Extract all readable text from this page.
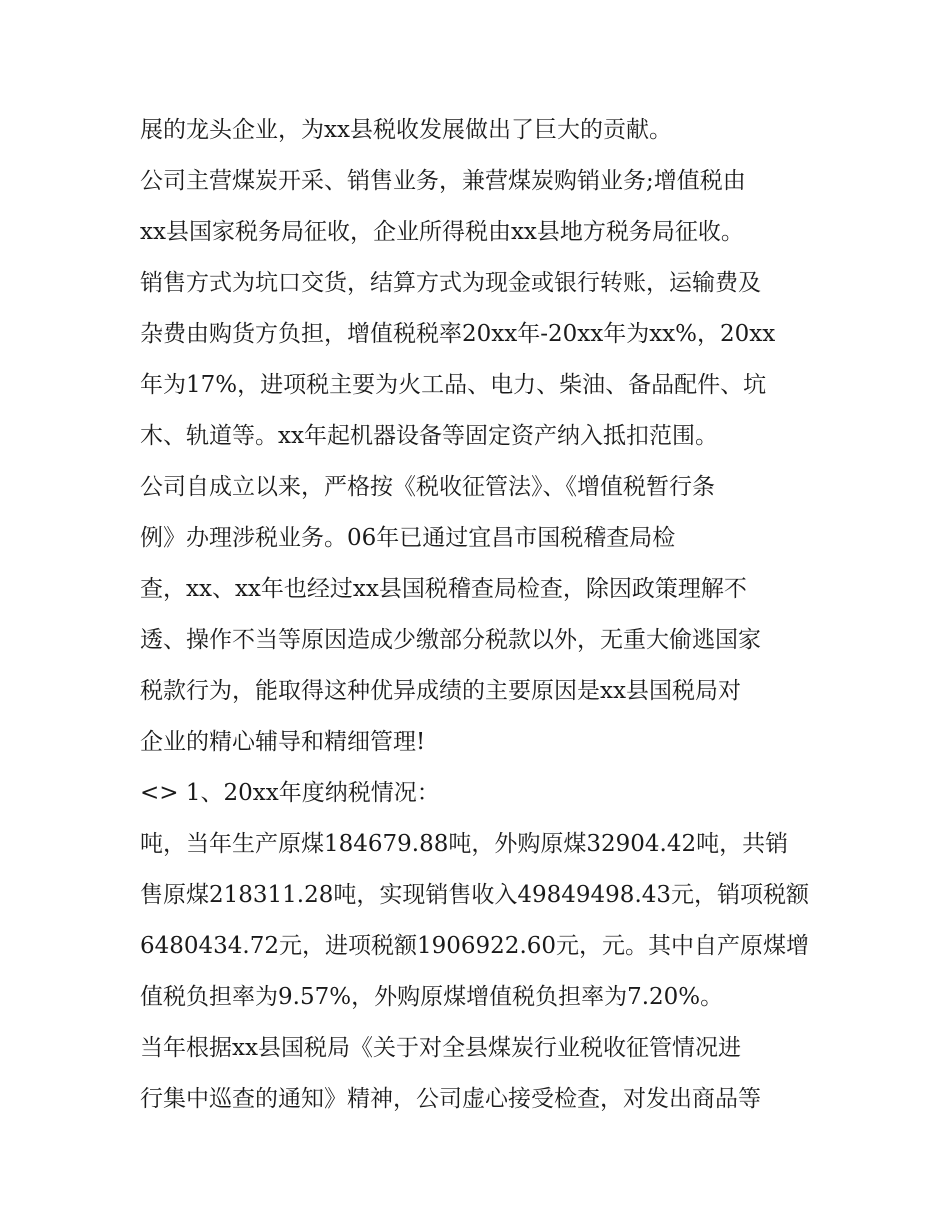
展的龙头企业，为xx县税收发展做出了巨大的贡献。
公司主营煤炭开采、销售业务，兼营煤炭购销业务;增值税由
xx县国家税务局征收，企业所得税由xx县地方税务局征收。
销售方式为坑口交货，结算方式为现金或银行转账，运输费及
杂费由购货方负担，增值税税率20xx年-20xx年为xx%，20xx
年为17%，进项税主要为火工品、电力、柴油、备品配件、坑
木、轨道等。xx年起机器设备等固定资产纳入抵扣范围。
公司自成立以来，严格按《税收征管法》、《增值税暂行条
例》办理涉税业务。06年已通过宜昌市国税稽查局检
查，xx、xx年也经过xx县国税稽查局检查，除因政策理解不
透、操作不当等原因造成少缴部分税款以外，无重大偷逃国家
税款行为，能取得这种优异成绩的主要原因是xx县国税局对
企业的精心辅导和精细管理!
<> 1、20xx年度纳税情况：
吨，当年生产原煤184679.88吨，外购原煤32904.42吨，共销
售原煤218311.28吨，实现销售收入49849498.43元，销项税额
6480434.72元，进项税额1906922.60元，元。其中自产原煤增
值税负担率为9.57%，外购原煤增值税负担率为7.20%。
当年根据xx县国税局《关于对全县煤炭行业税收征管情况进
行集中巡查的通知》精神，公司虚心接受检查，对发出商品等
